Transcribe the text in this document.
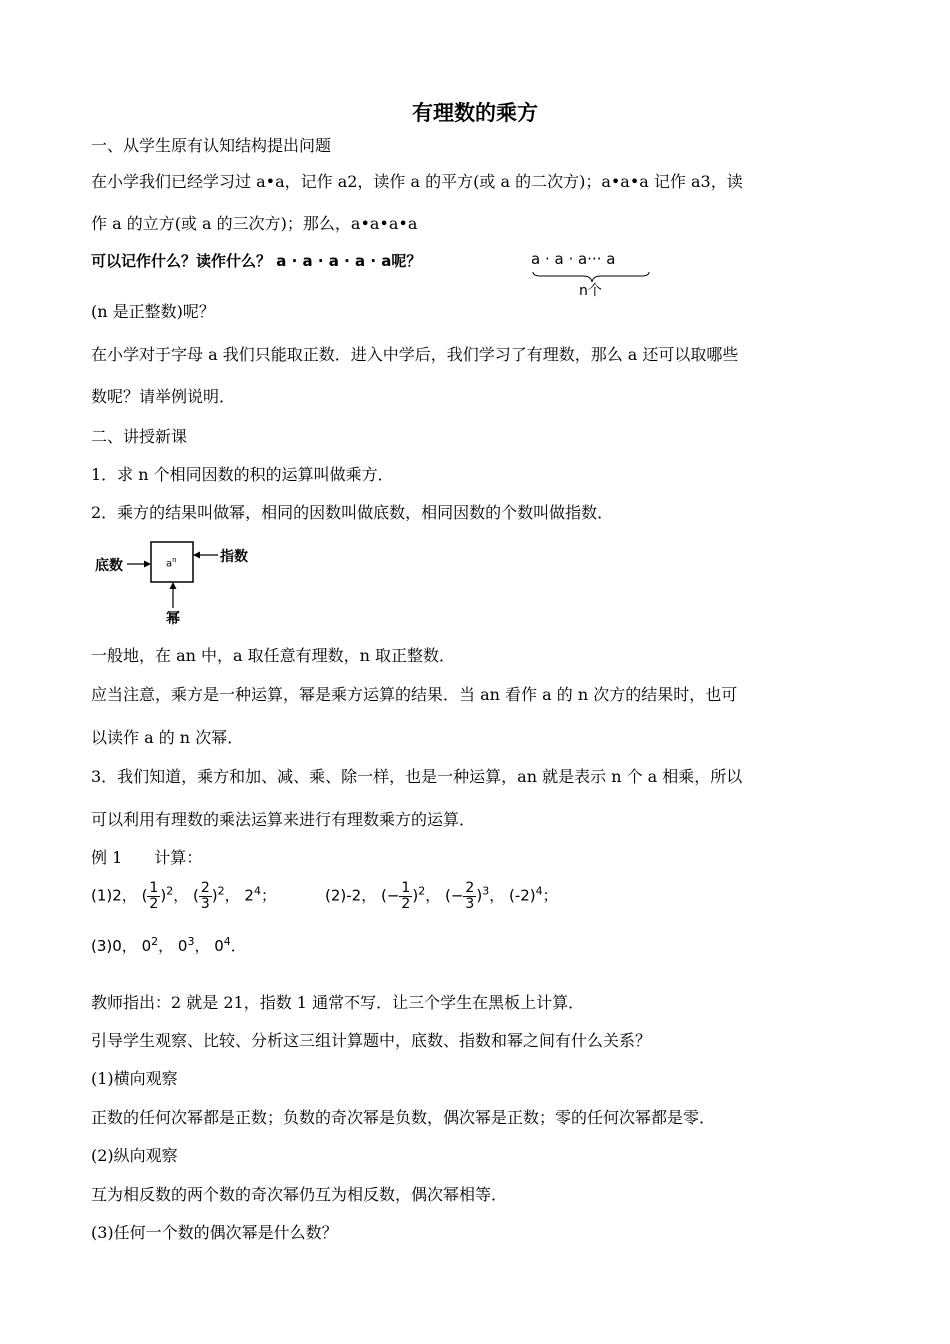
有理数的乘方
一、从学生原有认知结构提出问题
在小学我们已经学习过 a•a，记作 a2，读作 a 的平方(或 a 的二次方)；a•a•a 记作 a3，读
作 a 的立方(或 a 的三次方)；那么，a•a•a•a
可以记作什么？读作什么？ a · a · a · a · a呢？	a · a · a··· a
n个
(n 是正整数)呢？
在小学对于字母 a 我们只能取正数．进入中学后，我们学习了有理数，那么 a 还可以取哪些
数呢？请举例说明．
二、讲授新课
1．求 n 个相同因数的积的运算叫做乘方．
2．乘方的结果叫做幂，相同的因数叫做底数，相同因数的个数叫做指数．
底数
指数
幂
$a^n$
一般地，在 an 中，a 取任意有理数，n 取正整数．
应当注意，乘方是一种运算，幂是乘方运算的结果．当 an 看作 a 的 n 次方的结果时，也可
以读作 a 的 n 次幂．
3．我们知道，乘方和加、减、乘、除一样，也是一种运算，an 就是表示 n 个 a 相乘，所以
可以利用有理数的乘法运算来进行有理数乘方的运算．
例 1　　计算：
(1)2， ( $\frac{1}{2} )^2$， ( $\frac{2}{3} )^2$， $2^4$；	(2)-2， (− $\frac{1}{2} )^2$， (− $\frac{2}{3} )^3$， $(-2)^4$；
(3)0， $0^2$， $0^3$， $0^4$．
教师指出：2 就是 21，指数 1 通常不写．让三个学生在黑板上计算．
引导学生观察、比较、分析这三组计算题中，底数、指数和幂之间有什么关系？
(1)横向观察
正数的任何次幂都是正数；负数的奇次幂是负数，偶次幂是正数；零的任何次幂都是零．
(2)纵向观察
互为相反数的两个数的奇次幂仍互为相反数，偶次幂相等．
(3)任何一个数的偶次幂是什么数？
